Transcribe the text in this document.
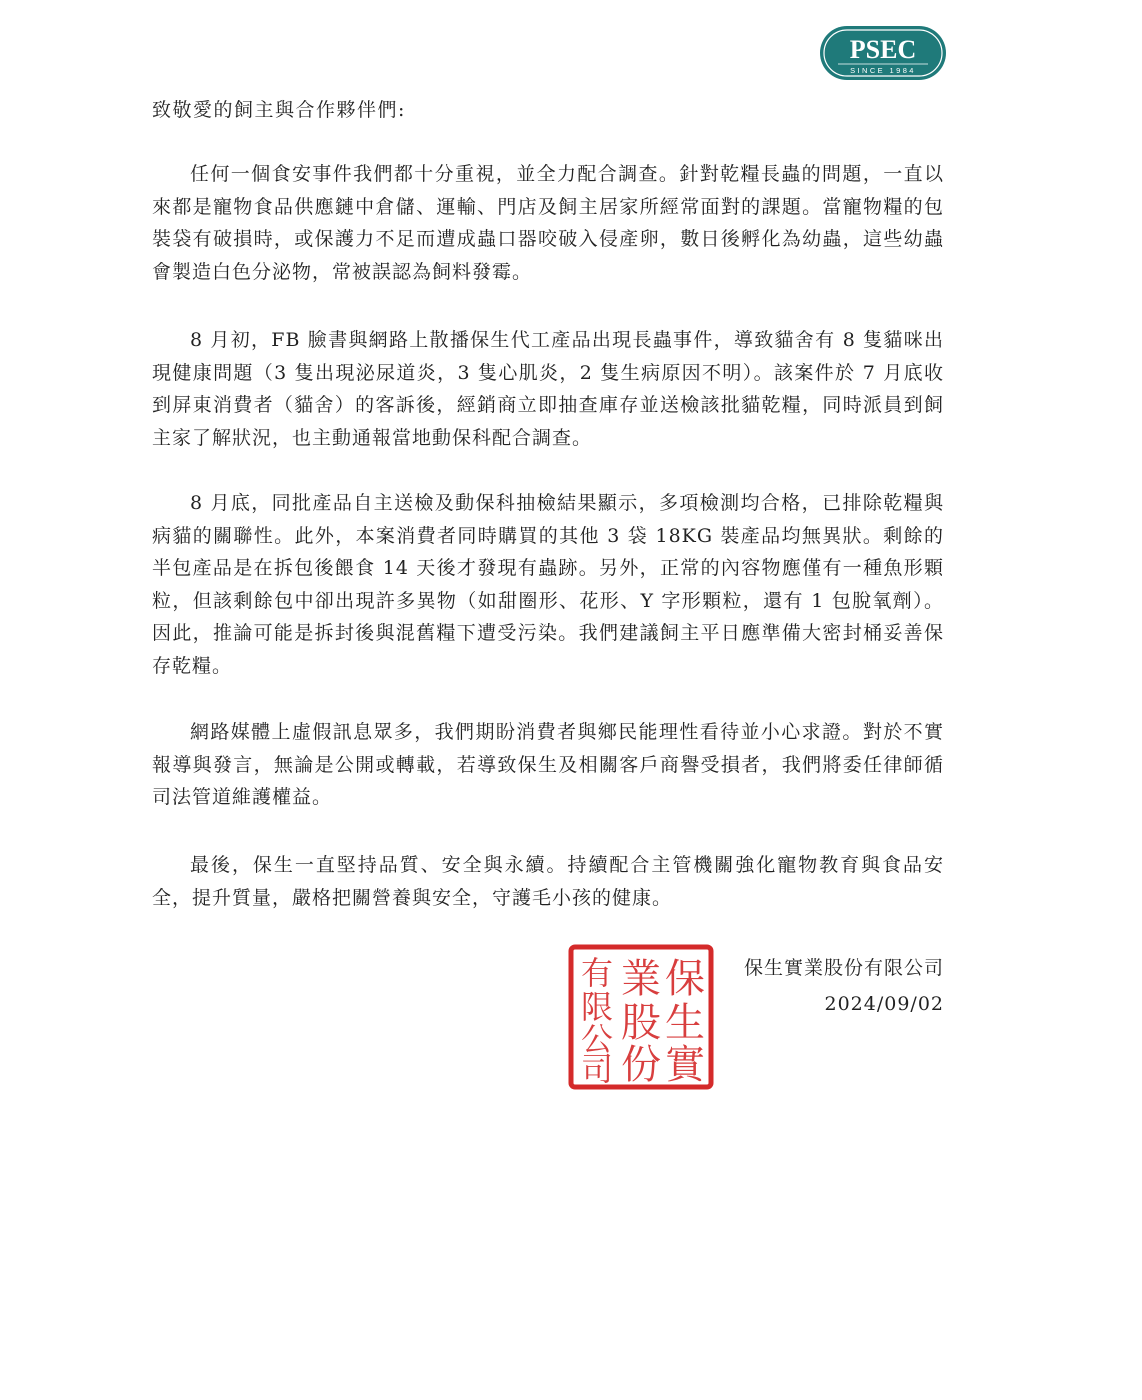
PSEC
SINCE 1984

致敬愛的飼主與合作夥伴們:

任何一個食安事件我們都十分重視，並全力配合調查。針對乾糧長蟲的問題，一直以來都是寵物食品供應鏈中倉儲、運輸、門店及飼主居家所經常面對的課題。當寵物糧的包裝袋有破損時，或保護力不足而遭成蟲口器咬破入侵產卵，數日後孵化為幼蟲，這些幼蟲會製造白色分泌物，常被誤認為飼料發霉。

8 月初，FB 臉書與網路上散播保生代工產品出現長蟲事件，導致貓舍有 8 隻貓咪出現健康問題（3 隻出現泌尿道炎，3 隻心肌炎，2 隻生病原因不明）。該案件於 7 月底收到屏東消費者（貓舍）的客訴後，經銷商立即抽查庫存並送檢該批貓乾糧，同時派員到飼主家了解狀況，也主動通報當地動保科配合調查。

8 月底，同批產品自主送檢及動保科抽檢結果顯示，多項檢測均合格，已排除乾糧與病貓的關聯性。此外，本案消費者同時購買的其他 3 袋 18KG 裝產品均無異狀。剩餘的半包產品是在拆包後餵食 14 天後才發現有蟲跡。另外，正常的內容物應僅有一種魚形顆粒，但該剩餘包中卻出現許多異物（如甜圈形、花形、Y 字形顆粒，還有 1 包脫氧劑）。因此，推論可能是拆封後與混舊糧下遭受污染。我們建議飼主平日應準備大密封桶妥善保存乾糧。

網路媒體上虛假訊息眾多，我們期盼消費者與鄉民能理性看待並小心求證。對於不實報導與發言，無論是公開或轉載，若導致保生及相關客戶商譽受損者，我們將委任律師循司法管道維護權益。

最後，保生一直堅持品質、安全與永續。持續配合主管機關強化寵物教育與食品安全，提升質量，嚴格把關營養與安全，守護毛小孩的健康。

保
生
實
業
股
份
有
限
公
司
保生實業股份有限公司
2024/09/02
